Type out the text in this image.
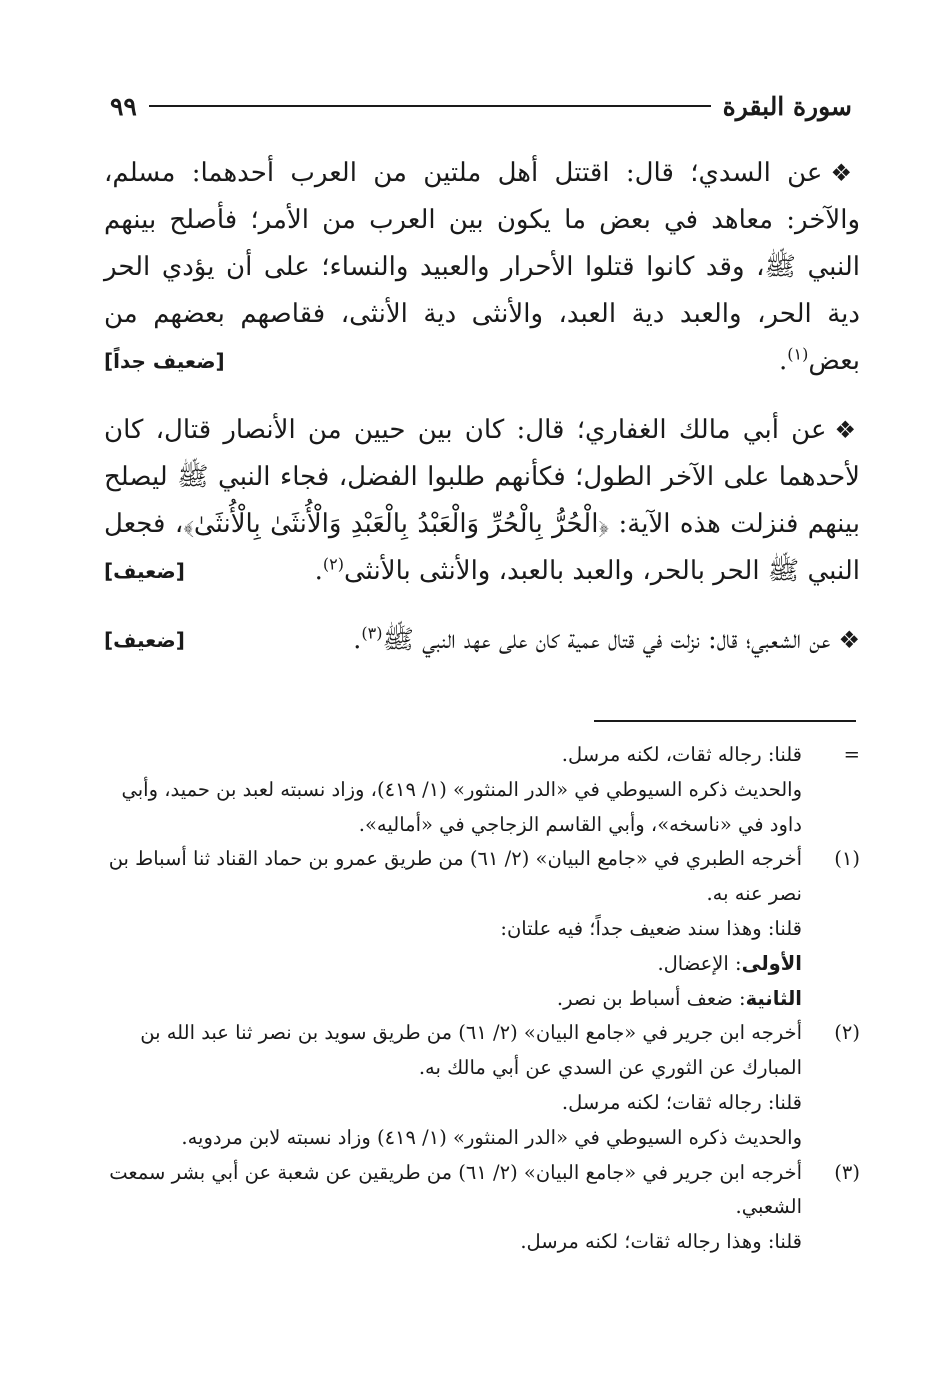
سورة البقرة
٩٩

❖عن السدي؛ قال: اقتتل أهل ملتين من العرب أحدهما: مسلم، والآخر: معاهد في بعض ما يكون بين العرب من الأمر؛ فأصلح بينهم النبي ﷺ، وقد كانوا قتلوا الأحرار والعبيد والنساء؛ على أن يؤدي الحر دية الحر، والعبد دية العبد، والأنثى دية الأنثى، فقاصهم بعضهم من بعض$^{(١)}$.
[ضعيف جداً]

❖عن أبي مالك الغفاري؛ قال: كان بين حيين من الأنصار قتال، كان لأحدهما على الآخر الطول؛ فكأنهم طلبوا الفضل، فجاء النبي ﷺ ليصلح بينهم فنزلت هذه الآية: ﴿الْحُرُّ بِالْحُرِّ وَالْعَبْدُ بِالْعَبْدِ وَالْأُنثَىٰ بِالْأُنثَىٰ﴾، فجعل النبي ﷺ الحر بالحر، والعبد بالعبد، والأنثى بالأنثى$^{(٢)}$.
[ضعيف]

❖عن الشعبي؛ قال: نزلت في قتال عمية كان على عهد النبي ﷺ$^{(٣)}$.
[ضعيف]

=
قلنا: رجاله ثقات، لكنه مرسل.
والحديث ذكره السيوطي في «الدر المنثور» (١/ ٤١٩)، وزاد نسبته لعبد بن حميد، وأبي داود في «ناسخه»، وأبي القاسم الزجاجي في «أماليه».
(١)
أخرجه الطبري في «جامع البيان» (٢/ ٦١) من طريق عمرو بن حماد القناد ثنا أسباط بن نصر عنه به.
قلنا: وهذا سند ضعيف جداً؛ فيه علتان:
الأولى: الإعضال.
الثانية: ضعف أسباط بن نصر.
(٢)
أخرجه ابن جرير في «جامع البيان» (٢/ ٦١) من طريق سويد بن نصر ثنا عبد الله بن المبارك عن الثوري عن السدي عن أبي مالك به.
قلنا: رجاله ثقات؛ لكنه مرسل.
والحديث ذكره السيوطي في «الدر المنثور» (١/ ٤١٩) وزاد نسبته لابن مردويه.
(٣)
أخرجه ابن جرير في «جامع البيان» (٢/ ٦١) من طريقين عن شعبة عن أبي بشر سمعت الشعبي.
قلنا: وهذا رجاله ثقات؛ لكنه مرسل.
